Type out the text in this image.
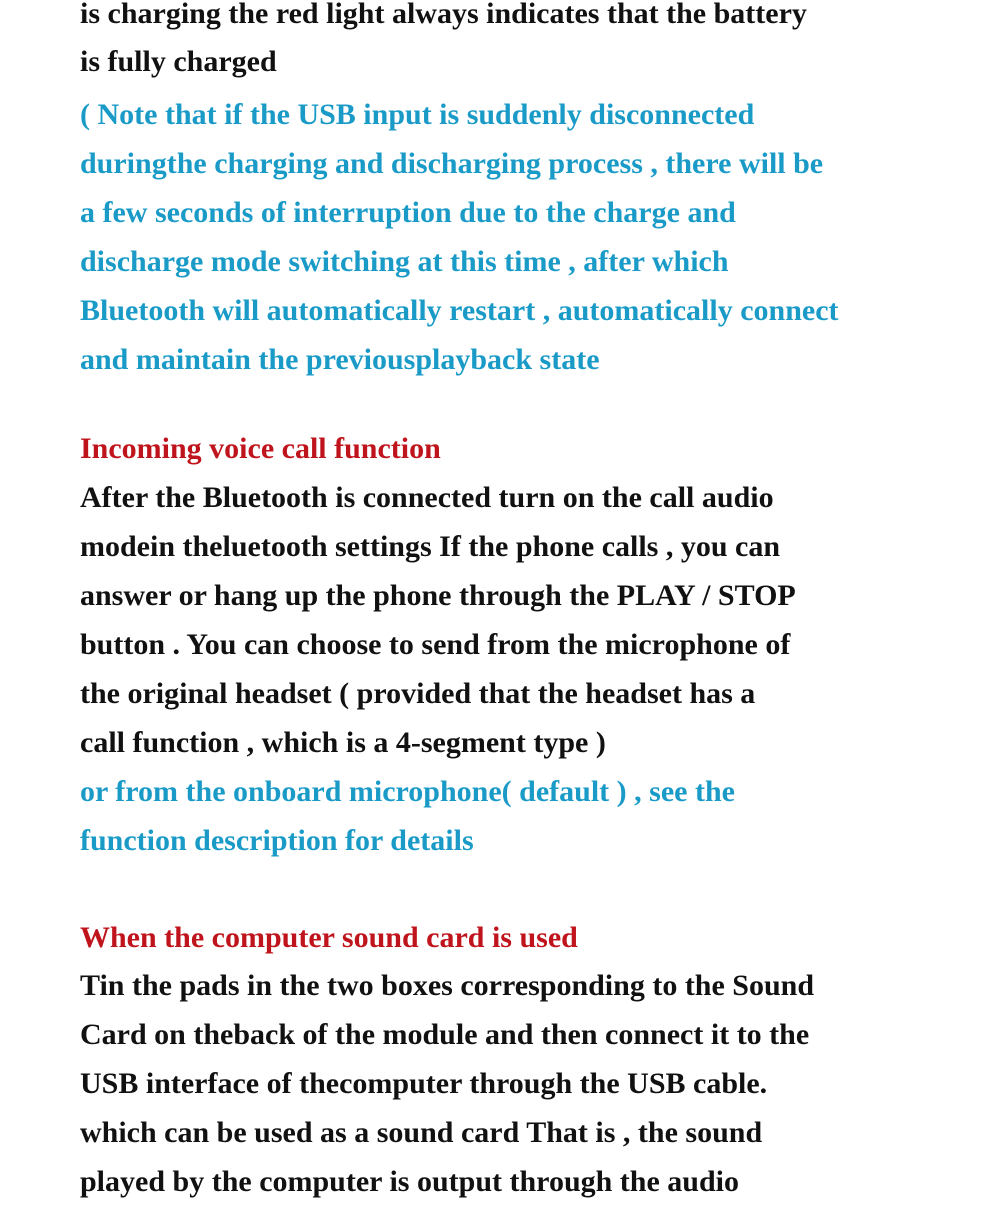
is charging the red light always indicates that the battery
is fully charged
( Note that if the USB input is suddenly disconnected
duringthe charging and discharging process , there will be
a few seconds of interruption due to the charge and
discharge mode switching at this time , after which
Bluetooth will automatically restart , automatically connect
and maintain the previousplayback state
Incoming voice call function
After the Bluetooth is connected turn on the call audio
modein theluetooth settings If the phone calls , you can
answer or hang up the phone through the PLAY / STOP
button . You can choose to send from the microphone of
the original headset ( provided that the headset has a
call function , which is a 4-segment type )
or from the onboard microphone( default ) , see the
function description for details
When the computer sound card is used
Tin the pads in the two boxes corresponding to the Sound
Card on theback of the module and then connect it to the
USB interface of thecomputer through the USB cable.
which can be used as a sound card That is , the sound
played by the computer is output through the audio
